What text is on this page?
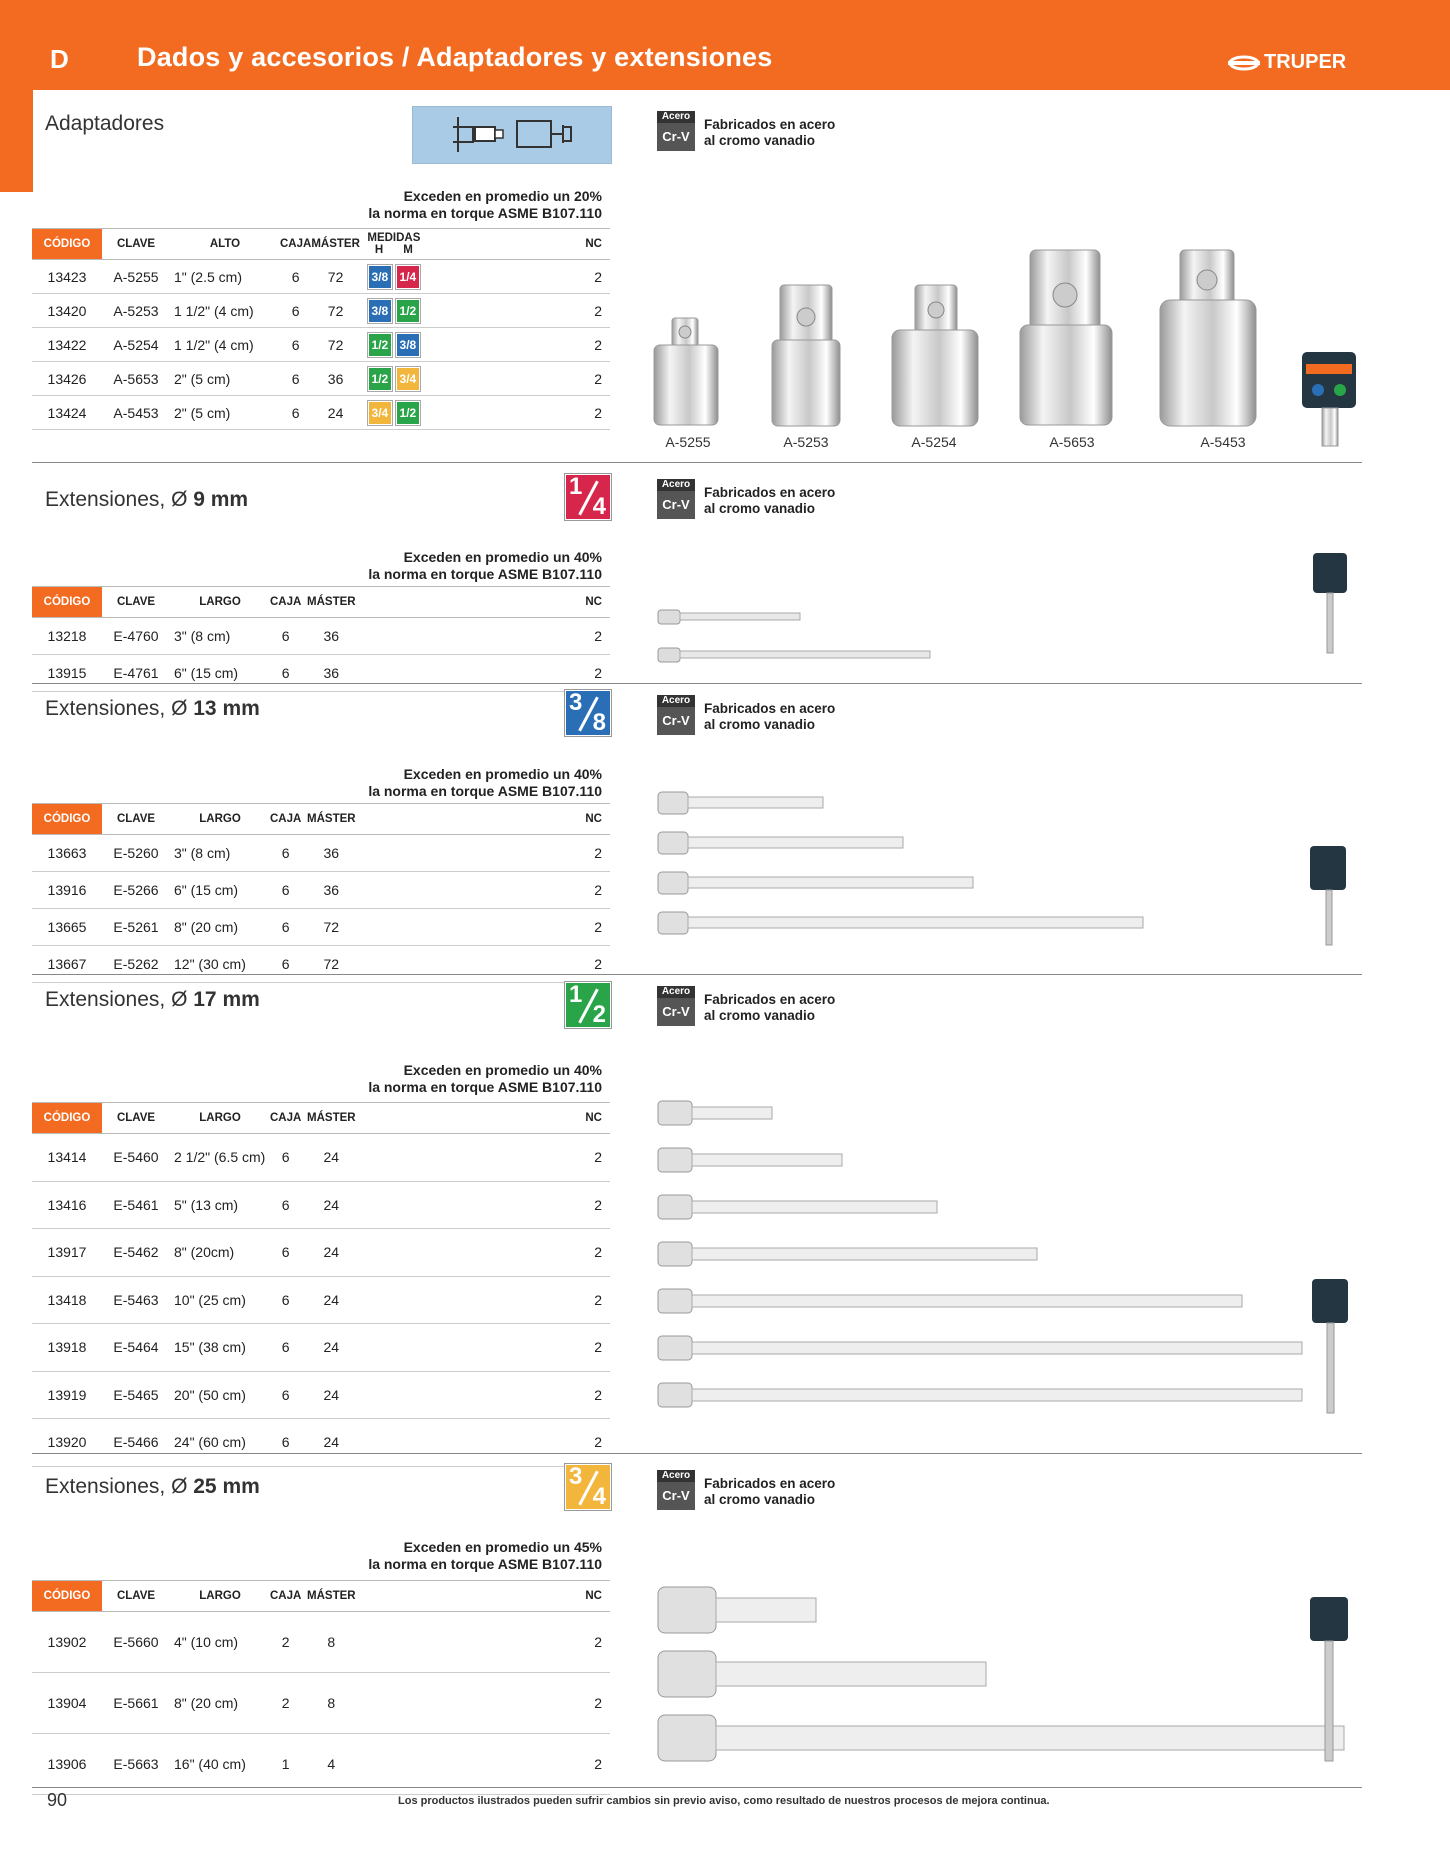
D	Dados y accesorios / Adaptadores y extensiones	TRUPER
Adaptadores	Acero
Cr-V
Fabricados en acero
al cromo vanadio
Exceden en promedio un 20%
la norma en torque ASME B107.110
CÓDIGO	CLAVE	ALTO	CAJA	MÁSTER	MEDIDAS
H M	NC
13423	A-5255	1" (2.5 cm)	6	72	3/8 1/4	2
13420	A-5253	1 1/2" (4 cm)	6	72	3/8 1/2	2
13422	A-5254	1 1/2" (4 cm)	6	72	1/2 3/8	2
13426	A-5653	2" (5 cm)	6	36	1/2 3/4	2
13424	A-5453	2" (5 cm)	6	24	3/4 1/2	2
A-5255	A-5253	A-5254	A-5653	A-5453
Extensiones, Ø 9 mm	1
4
Acero
Cr-V
Fabricados en acero
al cromo vanadio
Exceden en promedio un 40%
la norma en torque ASME B107.110
CÓDIGO	CLAVE	LARGO	CAJA	MÁSTER	NC
13218	E-4760	3" (8 cm)	6	36	2
13915	E-4761	6" (15 cm)	6	36	2
Extensiones, Ø 13 mm	3
8
Acero
Cr-V
Fabricados en acero
al cromo vanadio
Exceden en promedio un 40%
la norma en torque ASME B107.110
CÓDIGO	CLAVE	LARGO	CAJA	MÁSTER	NC
13663	E-5260	3" (8 cm)	6	36	2
13916	E-5266	6" (15 cm)	6	36	2
13665	E-5261	8" (20 cm)	6	72	2
13667	E-5262	12" (30 cm)	6	72	2
Extensiones, Ø 17 mm	1
2
Acero
Cr-V
Fabricados en acero
al cromo vanadio
Exceden en promedio un 40%
la norma en torque ASME B107.110
CÓDIGO	CLAVE	LARGO	CAJA	MÁSTER	NC
13414	E-5460	2 1/2" (6.5 cm)	6	24	2
13416	E-5461	5" (13 cm)	6	24	2
13917	E-5462	8" (20cm)	6	24	2
13418	E-5463	10" (25 cm)	6	24	2
13918	E-5464	15" (38 cm)	6	24	2
13919	E-5465	20" (50 cm)	6	24	2
13920	E-5466	24" (60 cm)	6	24	2
Extensiones, Ø 25 mm	3
4
Acero
Cr-V
Fabricados en acero
al cromo vanadio
Exceden en promedio un 45%
la norma en torque ASME B107.110
CÓDIGO	CLAVE	LARGO	CAJA	MÁSTER	NC
13902	E-5660	4" (10 cm)	2	8	2
13904	E-5661	8" (20 cm)	2	8	2
13906	E-5663	16" (40 cm)	1	4	2
90	Los productos ilustrados pueden sufrir cambios sin previo aviso, como resultado de nuestros procesos de mejora continua.
